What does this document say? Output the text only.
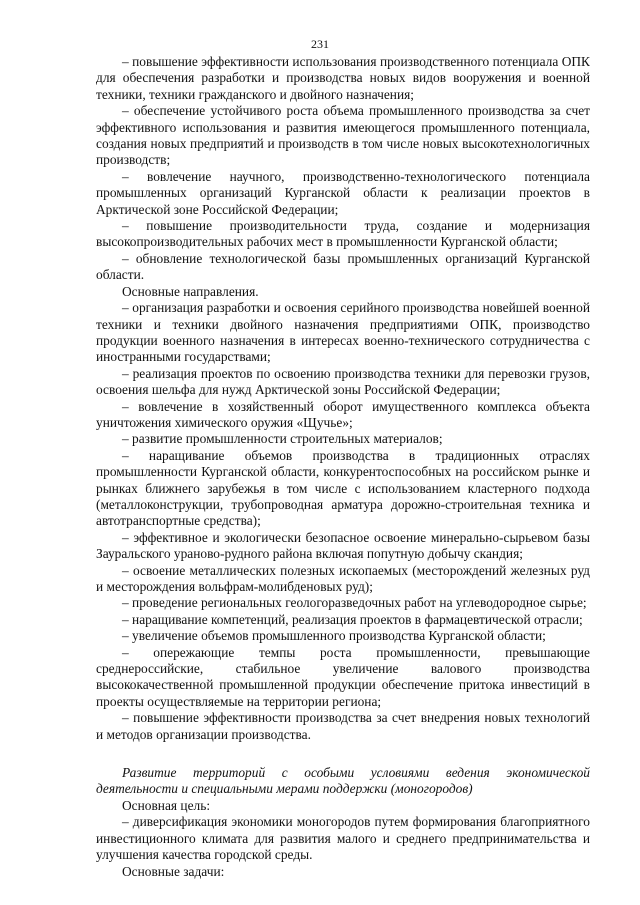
231

– повышение эффективности использования производственного потенциала ОПК для обеспечения разработки и производства новых видов вооружения и военной техники, техники гражданского и двойного назначения;

– обеспечение устойчивого роста объема промышленного производства за счет эффективного использования и развития имеющегося промышленного потенциала, создания новых предприятий и производств в том числе новых высокотехнологичных производств;

– вовлечение научного, производственно-технологического потенциала промышленных организаций Курганской области к реализации проектов в Арктической зоне Российской Федерации;

– повышение производительности труда, создание и модернизация высокопроизводительных рабочих мест в промышленности Курганской области;

– обновление технологической базы промышленных организаций Курганской области.

Основные направления.

– организация разработки и освоения серийного производства новейшей военной техники и техники двойного назначения предприятиями ОПК, производство продукции военного назначения в интересах военно-технического сотрудничества с иностранными государствами;

– реализация проектов по освоению производства техники для перевозки грузов, освоения шельфа для нужд Арктической зоны Российской Федерации;

– вовлечение в хозяйственный оборот имущественного комплекса объекта уничтожения химического оружия «Щучье»;

– развитие промышленности строительных материалов;

– наращивание объемов производства в традиционных отраслях промышленности Курганской области, конкурентоспособных на российском рынке и рынках ближнего зарубежья в том числе с использованием кластерного подхода (металлоконструкции, трубопроводная арматура дорожно-строительная техника и автотранспортные средства);

– эффективное и экологически безопасное освоение минерально-сырьевом базы Зауральского ураново-рудного района включая попутную добычу скандия;

– освоение металлических полезных ископаемых (месторождений железных руд и месторождения вольфрам-молибденовых руд);

– проведение региональных геологоразведочных работ на углеводородное сырье;

– наращивание компетенций, реализация проектов в фармацевтической отрасли;

– увеличение объемов промышленного производства Курганской области;

– опережающие темпы роста промышленности, превышающие среднероссийские, стабильное увеличение валового производства высококачественной промышленной продукции обеспечение притока инвестиций в проекты осуществляемые на территории региона;

– повышение эффективности производства за счет внедрения новых технологий и методов организации производства.

Развитие территорий с особыми условиями ведения экономической деятельности и специальными мерами поддержки (моногородов)

Основная цель:

– диверсификация экономики моногородов путем формирования благоприятного инвестиционного климата для развития малого и среднего предпринимательства и улучшения качества городской среды.

Основные задачи:
